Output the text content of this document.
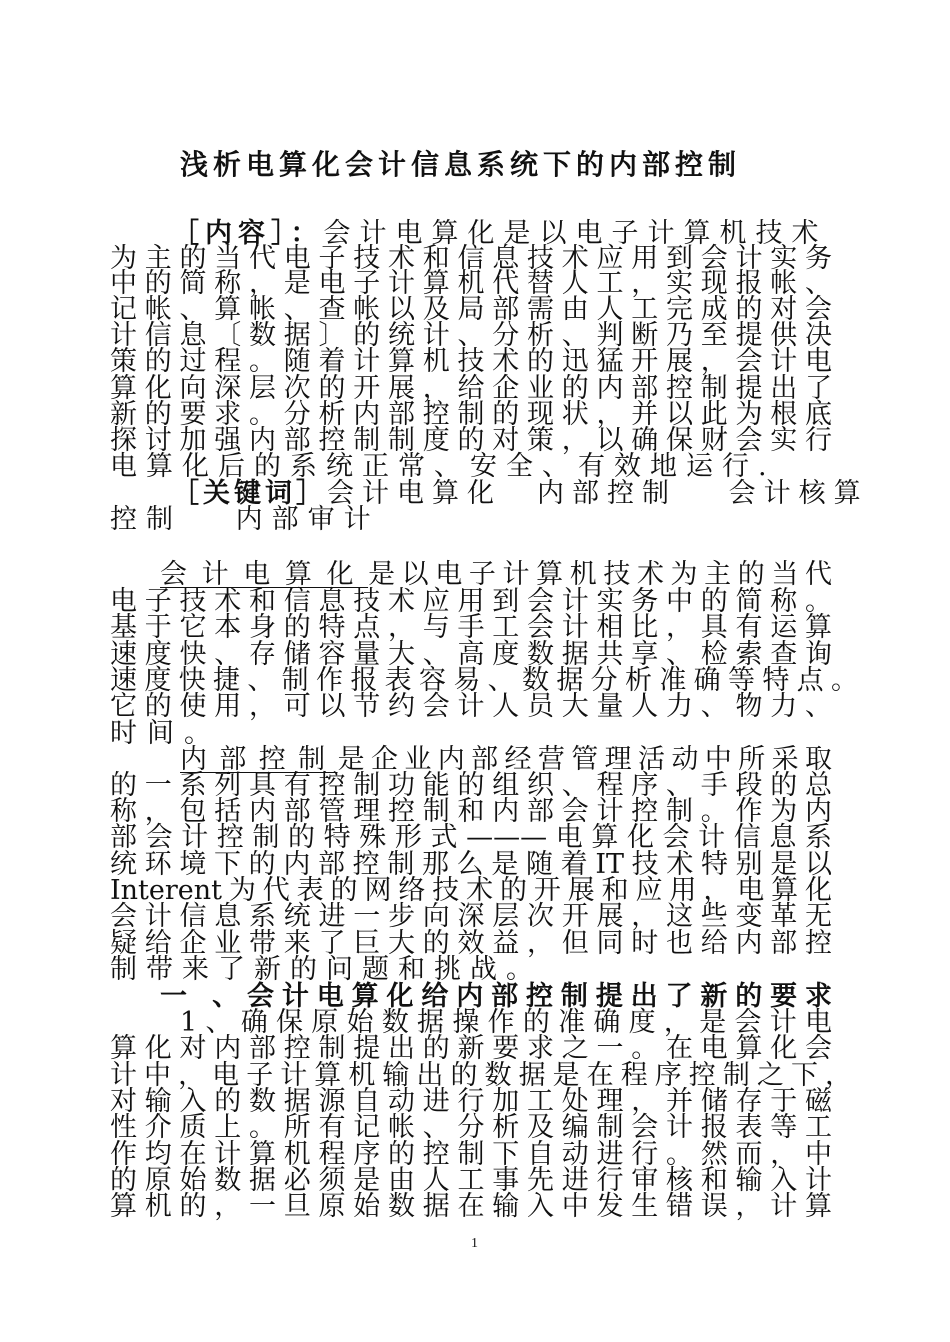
浅析电算化会计信息系统下的内部控制
［内容］：会计电算化是以电子计算机技术
为主的当代电子技术和信息技术应用到会计实务
中的简称，是电子计算机代替人工，实现报帐、
记帐、算帐、查帐以及局部需由人工完成的对会
计信息〔数据〕的统计、分析、判断乃至提供决
策的过程。随着计算机技术的迅猛开展，会计电
算化向深层次的开展，给企业的内部控制提出了
新的要求。分析内部控制的现状，并以此为根底
探讨加强内部控制制度的对策，以确保财会实行
电算化后的系统正常、安全、有效地运行.
［关键词］会计电算化　内部控制　 会计核算
控制　 内部审计
会计电算化是以电子计算机技术为主的当代
电子技术和信息技术应用到会计实务中的简称。
基于它本身的特点，与手工会计相比，具有运算
速度快、存储容量大、高度数据共享、检索查询
速度快捷、制作报表容易、数据分析准确等特点。
它的使用，可以节约会计人员大量人力、物力、
时间。
内部控制是企业内部经营管理活动中所采取
的一系列具有控制功能的组织、程序、手段的总
称，包括内部管理控制和内部会计控制。作为内
部会计控制的特殊形式———电算化会计信息系
统环境下的内部控制那么是随着IT技术特别是以
Interent为代表的网络技术的开展和应用，电算化
会计信息系统进一步向深层次开展，这些变革无
疑给企业带来了巨大的效益，但同时也给内部控
制带来了新的问题和挑战。
一 、会计电算化给内部控制提出了新的要求
1、确保原始数据操作的准确度，是会计电
算化对内部控制提出的新要求之一。在电算化会
计中，电子计算机输出的数据是在程序控制之下，
对输入的数据源自动进行加工处理，并储存于磁
性介质上。所有记帐、分析及编制会计报表等工
作均在计算机程序的控制下自动进行。然而，中
的原始数据必须是由人工事先进行审核和输入计
算机的，一旦原始数据在输入中发生错误，计算
1
